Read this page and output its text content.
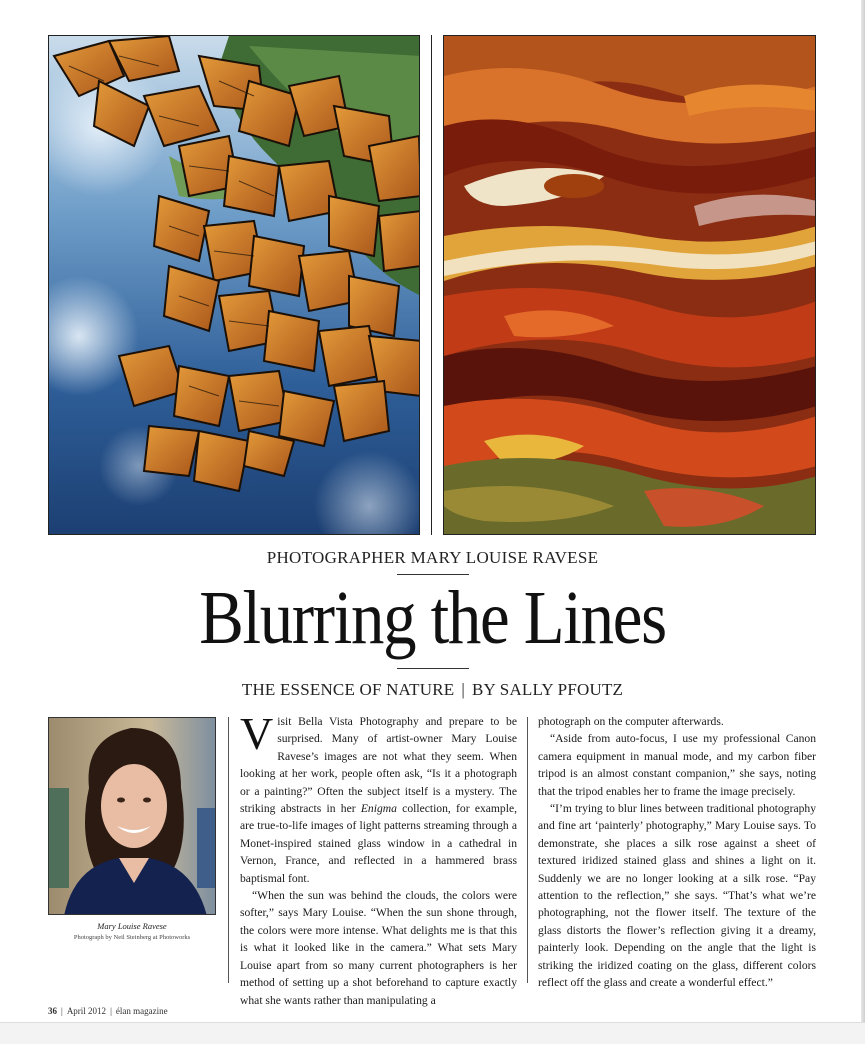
PHOTOGRAPHER MARY LOUISE RAVESE
Blurring the Lines
THE ESSENCE OF NATURE | BY SALLY PFOUTZ
Mary Louise Ravese
Photograph by Neil Steinberg at Photoworks

Visit Bella Vista Photography and prepare to be surprised. Many of artist-owner Mary Louise Ravese’s images are not what they seem. When looking at her work, people often ask, “Is it a photograph or a painting?” Often the subject itself is a mystery. The striking abstracts in her Enigma collection, for example, are true-to-life images of light patterns streaming through a Monet-inspired stained glass window in a cathedral in Vernon, France, and reflected in a hammered brass baptismal font.

“When the sun was behind the clouds, the colors were softer,” says Mary Louise. “When the sun shone through, the colors were more intense. What delights me is that this is what it looked like in the camera.” What sets Mary Louise apart from so many current photographers is her method of setting up a shot beforehand to capture exactly what she wants rather than manipulating a

photograph on the computer afterwards.

“Aside from auto-focus, I use my professional Canon camera equipment in manual mode, and my carbon fiber tripod is an almost constant companion,” she says, noting that the tripod enables her to frame the image precisely.

“I’m trying to blur lines between traditional photography and fine art ‘painterly’ photography,” Mary Louise says. To demonstrate, she places a silk rose against a sheet of textured iridized stained glass and shines a light on it. Suddenly we are no longer looking at a silk rose. “Pay attention to the reflection,” she says. “That’s what we’re photographing, not the flower itself. The texture of the glass distorts the flower’s reflection giving it a dreamy, painterly look. Depending on the angle that the light is striking the iridized coating on the glass, different colors reflect off the glass and create a wonderful effect.”

36 | April 2012 | élan magazine
